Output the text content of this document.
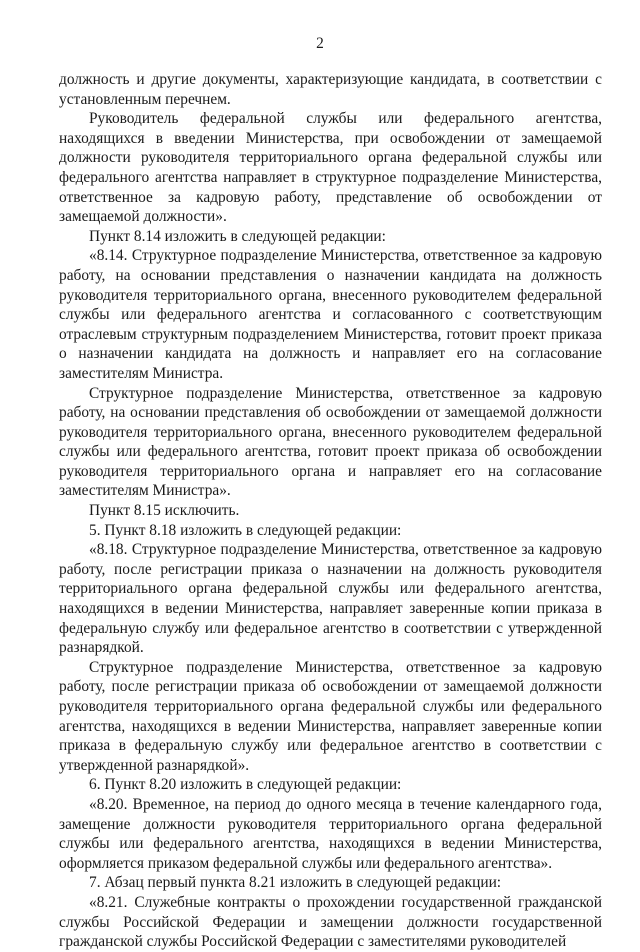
2

должность и другие документы, характеризующие кандидата, в соответствии с установленным перечнем.

Руководитель федеральной службы или федерального агентства, находящихся в введении Министерства, при освобождении от замещаемой должности руководителя территориального органа федеральной службы или федерального агентства направляет в структурное подразделение Министерства, ответственное за кадровую работу, представление об освобождении от замещаемой должности».

Пункт 8.14 изложить в следующей редакции:

«8.14. Структурное подразделение Министерства, ответственное за кадровую работу, на основании представления о назначении кандидата на должность руководителя территориального органа, внесенного руководителем федеральной службы или федерального агентства и согласованного с соответствующим отраслевым структурным подразделением Министерства, готовит проект приказа о назначении кандидата на должность и направляет его на согласование заместителям Министра.

Структурное подразделение Министерства, ответственное за кадровую работу, на основании представления об освобождении от замещаемой должности руководителя территориального органа, внесенного руководителем федеральной службы или федерального агентства, готовит проект приказа об освобождении руководителя территориального органа и направляет его на согласование заместителям Министра».

Пункт 8.15 исключить.

5. Пункт 8.18 изложить в следующей редакции:

«8.18. Структурное подразделение Министерства, ответственное за кадровую работу, после регистрации приказа о назначении на должность руководителя территориального органа федеральной службы или федерального агентства, находящихся в ведении Министерства, направляет заверенные копии приказа в федеральную службу или федеральное агентство в соответствии с утвержденной разнарядкой.

Структурное подразделение Министерства, ответственное за кадровую работу, после регистрации приказа об освобождении от замещаемой должности руководителя территориального органа федеральной службы или федерального агентства, находящихся в ведении Министерства, направляет заверенные копии приказа в федеральную службу или федеральное агентство в соответствии с утвержденной разнарядкой».

6. Пункт 8.20 изложить в следующей редакции:

«8.20. Временное, на период до одного месяца в течение календарного года, замещение должности руководителя территориального органа федеральной службы или федерального агентства, находящихся в ведении Министерства, оформляется приказом федеральной службы или федерального агентства».

7. Абзац первый пункта 8.21 изложить в следующей редакции:

«8.21. Служебные контракты о прохождении государственной гражданской службы Российской Федерации и замещении должности государственной гражданской службы Российской Федерации с заместителями руководителей
